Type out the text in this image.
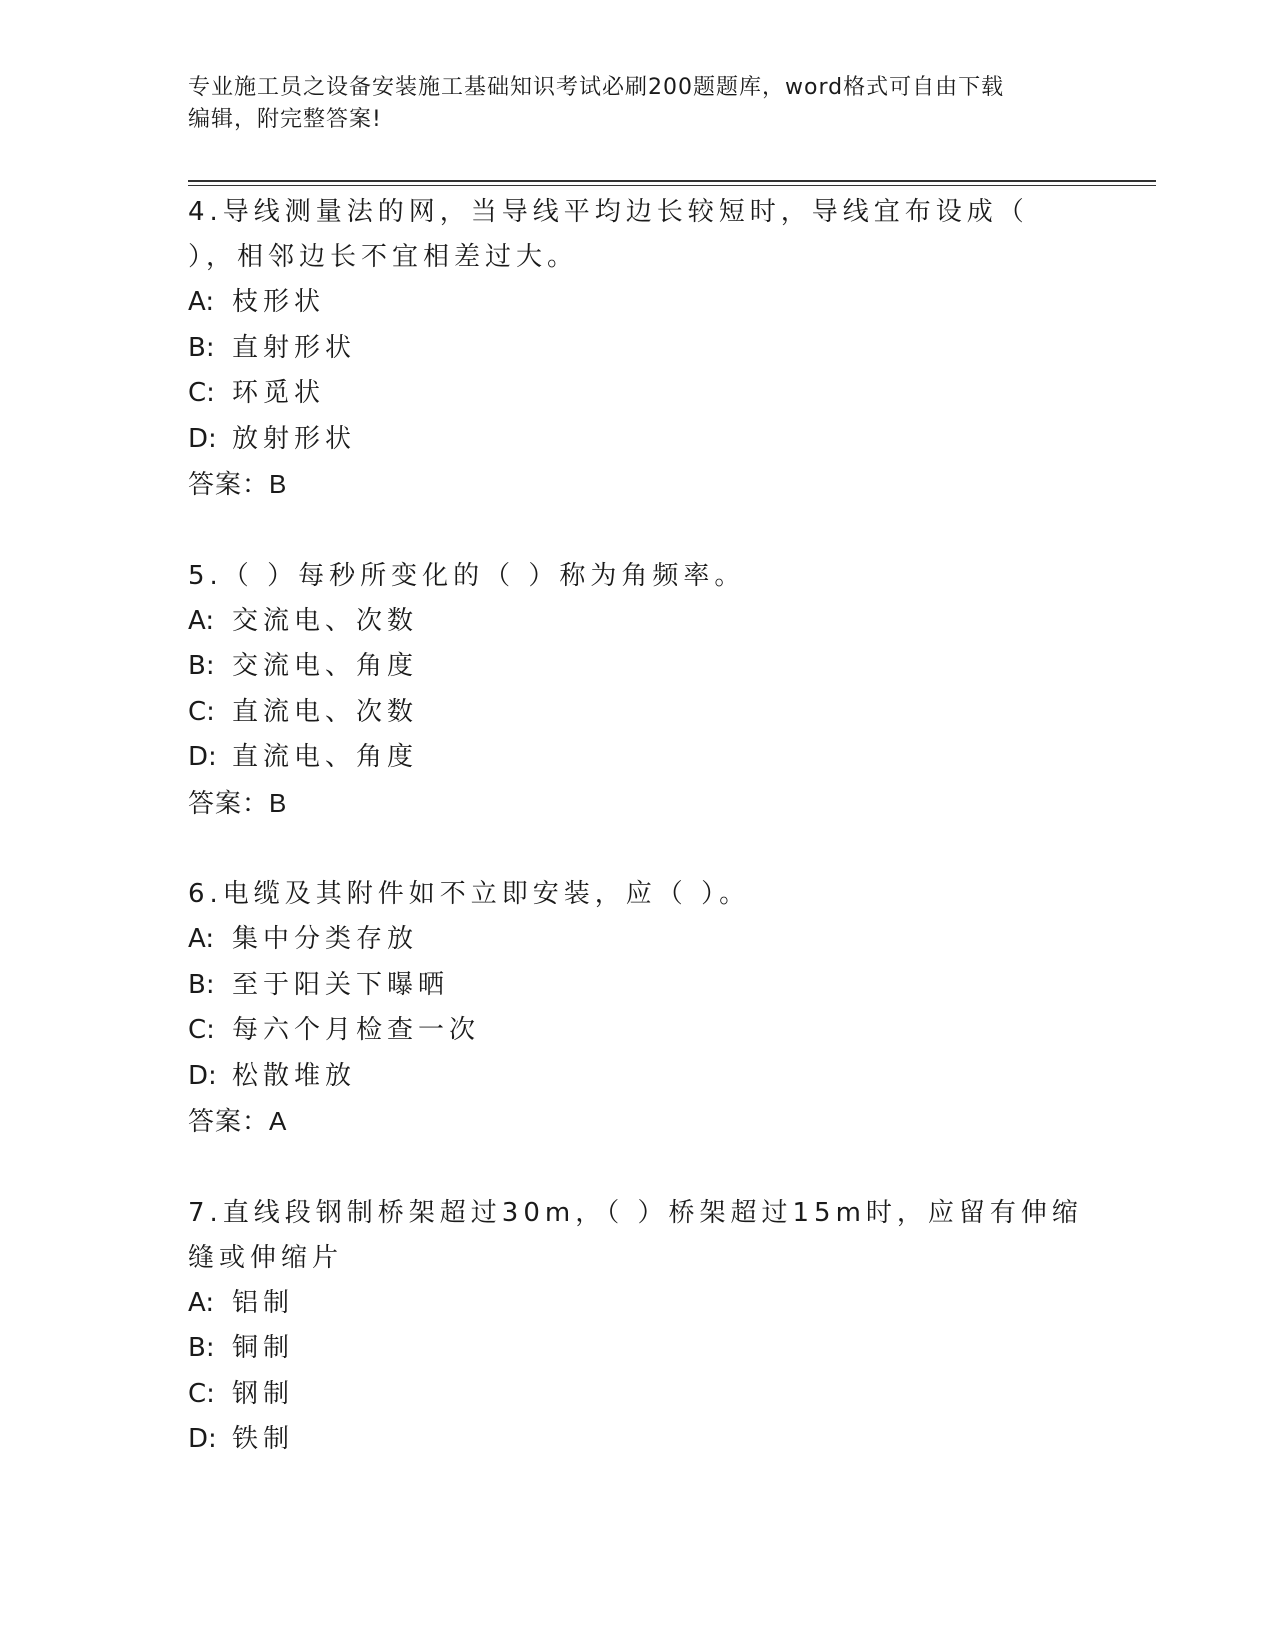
专业施工员之设备安装施工基础知识考试必刷200题题库，word格式可自由下载
编辑，附完整答案!
4.导线测量法的网，当导线平均边长较短时，导线宜布设成（ ），相邻边长不宜相差过大。
A: 枝形状
B: 直射形状
C: 环觅状
D: 放射形状
答案：B
5.（ ）每秒所变化的（ ）称为角频率。
A: 交流电、次数
B: 交流电、角度
C: 直流电、次数
D: 直流电、角度
答案：B
6.电缆及其附件如不立即安装，应（ ）。
A: 集中分类存放
B: 至于阳关下曝晒
C: 每六个月检查一次
D: 松散堆放
答案：A
7.直线段钢制桥架超过30m，（ ）桥架超过15m时，应留有伸缩缝或伸缩片
A: 铝制
B: 铜制
C: 钢制
D: 铁制
